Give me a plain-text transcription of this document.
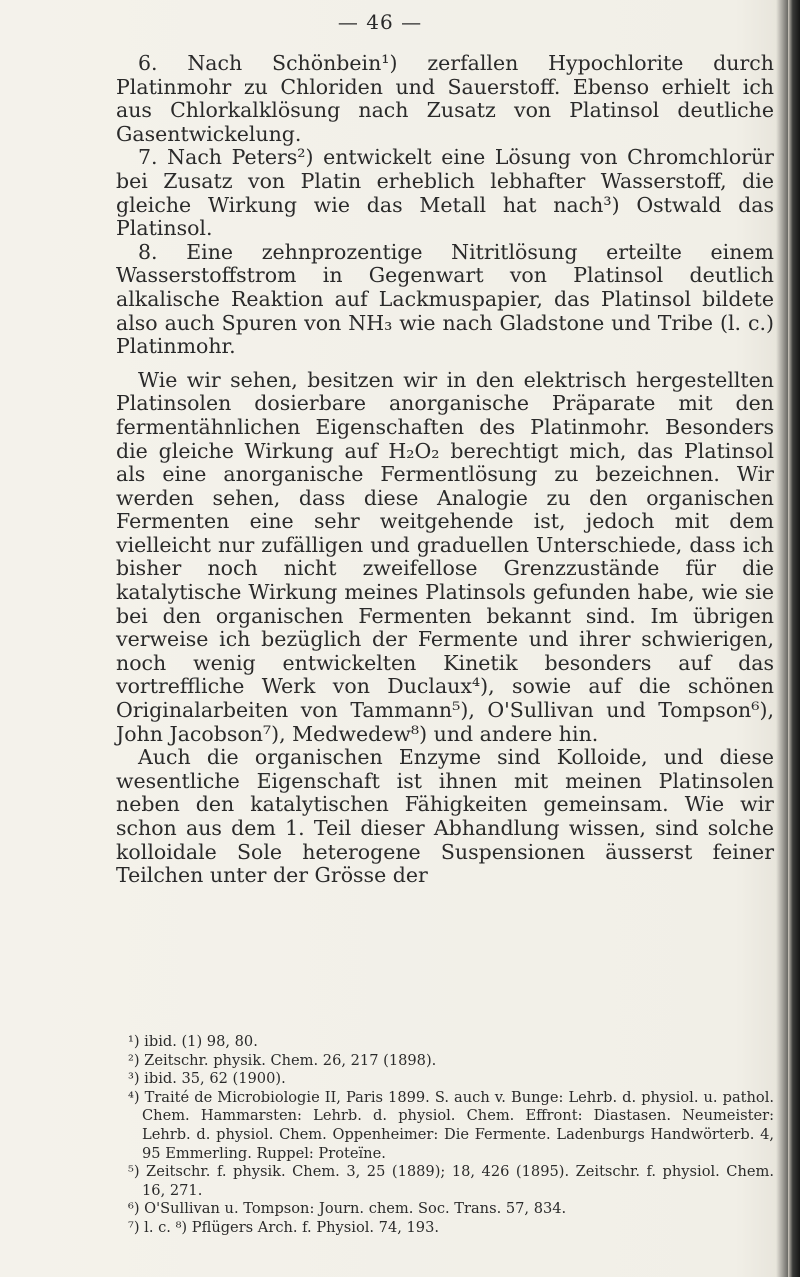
— 46 —

6. Nach Schönbein¹) zerfallen Hypochlorite durch Platinmohr zu Chloriden und Sauerstoff. Ebenso erhielt ich aus Chlorkalklösung nach Zusatz von Platinsol deutliche Gasentwickelung.

7. Nach Peters²) entwickelt eine Lösung von Chromchlorür bei Zusatz von Platin erheblich lebhafter Wasserstoff, die gleiche Wirkung wie das Metall hat nach³) Ostwald das Platinsol.

8. Eine zehnprozentige Nitritlösung erteilte einem Wasserstoffstrom in Gegenwart von Platinsol deutlich alkalische Reaktion auf Lackmuspapier, das Platinsol bildete also auch Spuren von NH₃ wie nach Gladstone und Tribe (l. c.) Platinmohr.

Wie wir sehen, besitzen wir in den elektrisch hergestellten Platinsolen dosierbare anorganische Präparate mit den fermentähnlichen Eigenschaften des Platinmohr. Besonders die gleiche Wirkung auf H₂O₂ berechtigt mich, das Platinsol als eine anorganische Fermentlösung zu bezeichnen. Wir werden sehen, dass diese Analogie zu den organischen Fermenten eine sehr weitgehende ist, jedoch mit dem vielleicht nur zufälligen und graduellen Unterschiede, dass ich bisher noch nicht zweifellose Grenzzustände für die katalytische Wirkung meines Platinsols gefunden habe, wie sie bei den organischen Fermenten bekannt sind. Im übrigen verweise ich bezüglich der Fermente und ihrer schwierigen, noch wenig entwickelten Kinetik besonders auf das vortreffliche Werk von Duclaux⁴), sowie auf die schönen Originalarbeiten von Tammann⁵), O'Sullivan und Tompson⁶), John Jacobson⁷), Medwedew⁸) und andere hin.

Auch die organischen Enzyme sind Kolloide, und diese wesentliche Eigenschaft ist ihnen mit meinen Platinsolen neben den katalytischen Fähigkeiten gemeinsam. Wie wir schon aus dem 1. Teil dieser Abhandlung wissen, sind solche kolloidale Sole heterogene Suspensionen äusserst feiner Teilchen unter der Grösse der

¹) ibid. (1) 98, 80.

²) Zeitschr. physik. Chem. 26, 217 (1898).

³) ibid. 35, 62 (1900).

⁴) Traité de Microbiologie II, Paris 1899. S. auch v. Bunge: Lehrb. d. physiol. u. pathol. Chem. Hammarsten: Lehrb. d. physiol. Chem. Effront: Diastasen. Neumeister: Lehrb. d. physiol. Chem. Oppenheimer: Die Fermente. Ladenburgs Handwörterb. 4, 95 Emmerling. Ruppel: Proteïne.

⁵) Zeitschr. f. physik. Chem. 3, 25 (1889); 18, 426 (1895). Zeitschr. f. physiol. Chem. 16, 271.

⁶) O'Sullivan u. Tompson: Journ. chem. Soc. Trans. 57, 834.

⁷) l. c. ⁸) Pflügers Arch. f. Physiol. 74, 193.
